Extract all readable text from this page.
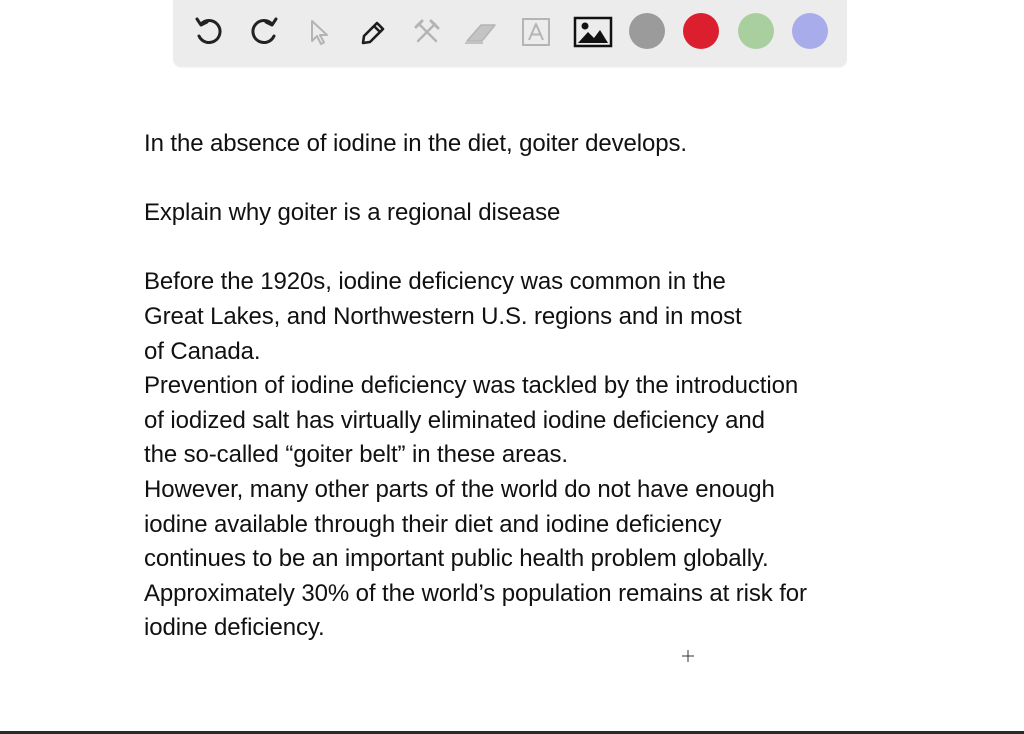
In the absence of iodine in the diet, goiter develops.
Explain why goiter is a regional disease
Before the 1920s, iodine deficiency was common in the
Great Lakes, and Northwestern U.S. regions and in most
of Canada.
Prevention of iodine deficiency was tackled by the introduction
of iodized salt has virtually eliminated iodine deficiency and
the so-called “goiter belt” in these areas.
However, many other parts of the world do not have enough
iodine available through their diet and iodine deficiency
continues to be an important public health problem globally.
Approximately 30% of the world’s population remains at risk for
iodine deficiency.
